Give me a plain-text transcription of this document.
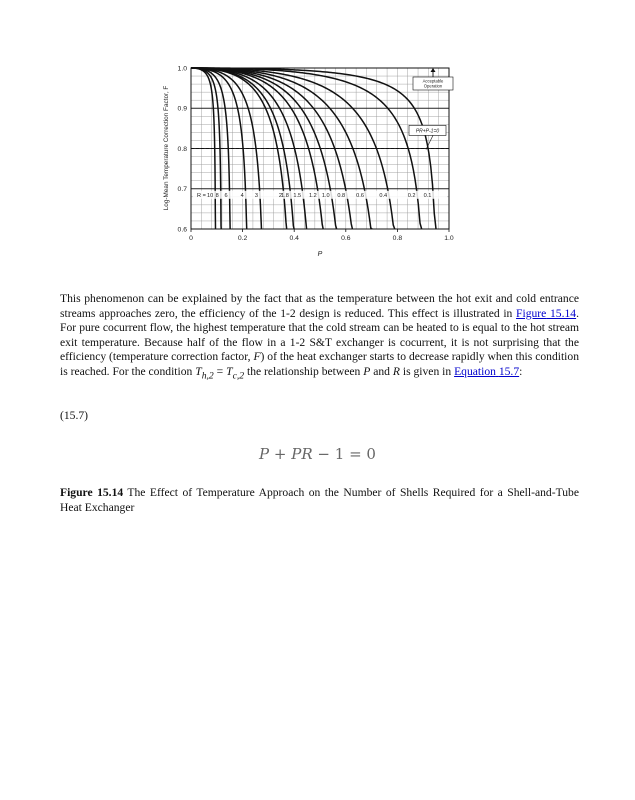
0	0.2	0.4	0.6	0.8	1.0
0.6
0.7
0.8
0.9
1.0
R = 10 8 6 4 3	2 1.8 1.5 1.2 1.0 0.8 0.6	0.4	0.2 0.1
Acceptable
Operation
PR+P-1=0
Log-Mean Temperature Correction Factor, F
P

This phenomenon can be explained by the fact that as the temperature between the hot exit and cold entrance streams approaches zero, the efficiency of the 1-2 design is reduced. This effect is illustrated in Figure 15.14. For pure cocurrent flow, the highest temperature that the cold stream can be heated to is equal to the hot stream exit temperature. Because half of the flow in a 1-2 S&T exchanger is cocurrent, it is not surprising that the efficiency (temperature correction factor, F) of the heat exchanger starts to decrease rapidly when this condition is reached. For the condition $T_{h,2} = T_{c,2}$ the relationship between P and R is given in Equation 15.7:

(15.7)

P + PR − 1 = 0

Figure 15.14 The Effect of Temperature Approach on the Number of Shells Required for a Shell-and-Tube Heat Exchanger
